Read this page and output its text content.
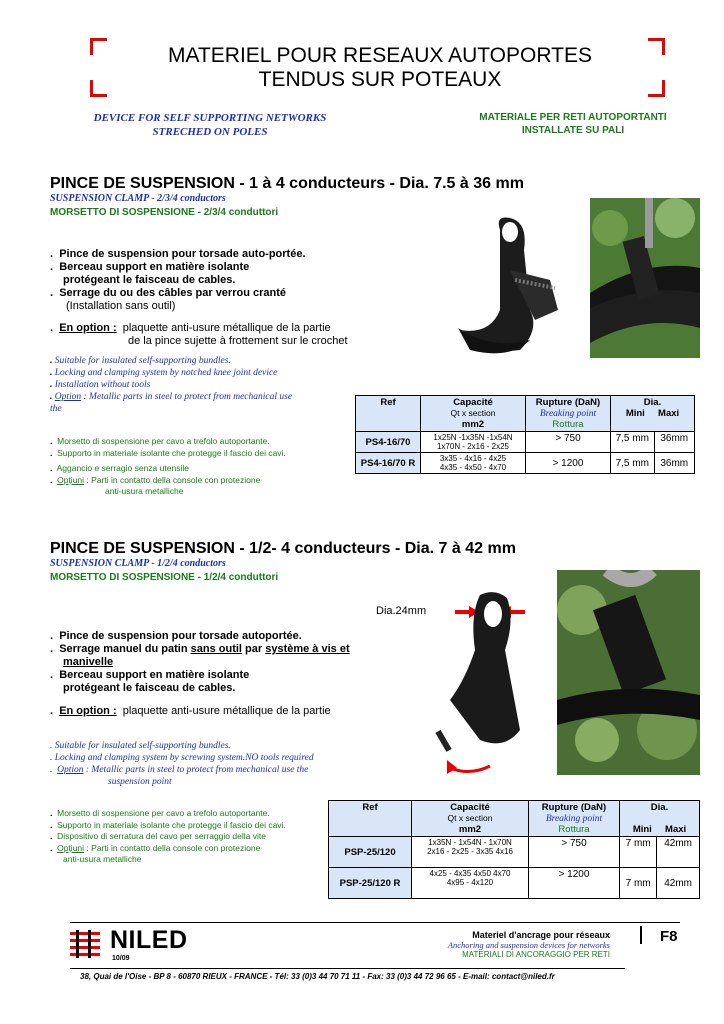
MATERIEL POUR RESEAUX AUTOPORTES
TENDUS SUR POTEAUX
DEVICE FOR SELF SUPPORTING NETWORKS
STRECHED ON POLES
MATERIALE PER RETI AUTOPORTANTI
INSTALLATE SU PALI
PINCE DE SUSPENSION - 1 à 4 conducteurs - Dia. 7.5 à 36 mm
SUSPENSION CLAMP - 2/3/4 conductors
MORSETTO DI SOSPENSIONE - 2/3/4 conduttori
. Pince de suspension pour torsade auto-portée.
. Berceau support en matière isolante
protégeant le faisceau de cables.
. Serrage du ou des câbles par verrou cranté
(Installation sans outil)
. En option : plaquette anti-usure métallique de la partie
de la pince sujette à frottement sur le crochet
. Suitable for insulated self-supporting bundles.
. Locking and clamping system by notched knee joint device
. Installation without tools
. Option : Metallic parts in steel to protect from mechanical use
the
. Morsetto di sospensione per cavo a trefolo autoportante.
. Supporto in materiale isolante che protegge il fascio dei cavi.
. Aggancio e serragio senza utensile
. Opțiuni : Parti in contatto della console con protezione
anti-usura metalliche
Ref	Capacité
Qt x section
mm2	Rupture (DaN)
Breaking point
Rottura	Dia.
Mini Maxi	
PS4-16/70	1x25N -1x35N -1x54N
1x70N - 2x16 - 2x25	> 750	7,5 mm	36mm
PS4-16/70 R	3x35 - 4x16 - 4x25
4x35 - 4x50 - 4x70	> 1200	7,5 mm	36mm
PINCE DE SUSPENSION - 1/2- 4 conducteurs - Dia. 7 à 42 mm
SUSPENSION CLAMP - 1/2/4 conductors
MORSETTO DI SOSPENSIONE - 1/2/4 conduttori
Dia.24mm
. Pince de suspension pour torsade autoportée.
. Serrage manuel du patin sans outil par système à vis et
manivelle
. Berceau support en matière isolante
protégeant le faisceau de cables.
. En option : plaquette anti-usure métallique de la partie
. Suitable for insulated self-supporting bundles.
. Locking and clamping system by screwing system.NO tools required
.  Option : Metallic parts in steel to protect from mechanical use the
suspension point
. Morsetto di sospensione per cavo a trefolo autoportante.
. Supporto in materiale isolante che protegge il fascio dei cavi.
. Dispositivo di serratura del cavo per serraggio della vite
. Opțiuni : Parti in contatto della console con protezione
anti-usura metalliche
Ref	Capacité
Qt x section
mm2	Rupture (DaN)
Breaking point
Rottura	Dia.

Mini Maxi	
PSP-25/120	1x35N - 1x54N - 1x70N
2x16 - 2x25 - 3x35 4x16	> 750	7 mm	42mm
PSP-25/120 R	4x25 - 4x35 4x50 4x70
4x95 - 4x120	> 1200	7 mm	42mm
NILED
10/09
Materiel d'ancrage pour réseaux
Anchoring and suspension devices for networks
MATERIALI DI ANCORAGGIO PER RETI
F8
38, Quai de l'Oise - BP 8 - 60870 RIEUX - FRANCE - Tél: 33 (0)3 44 70 71 11 - Fax: 33 (0)3 44 72 96 65 - E-mail: contact@niled.fr
